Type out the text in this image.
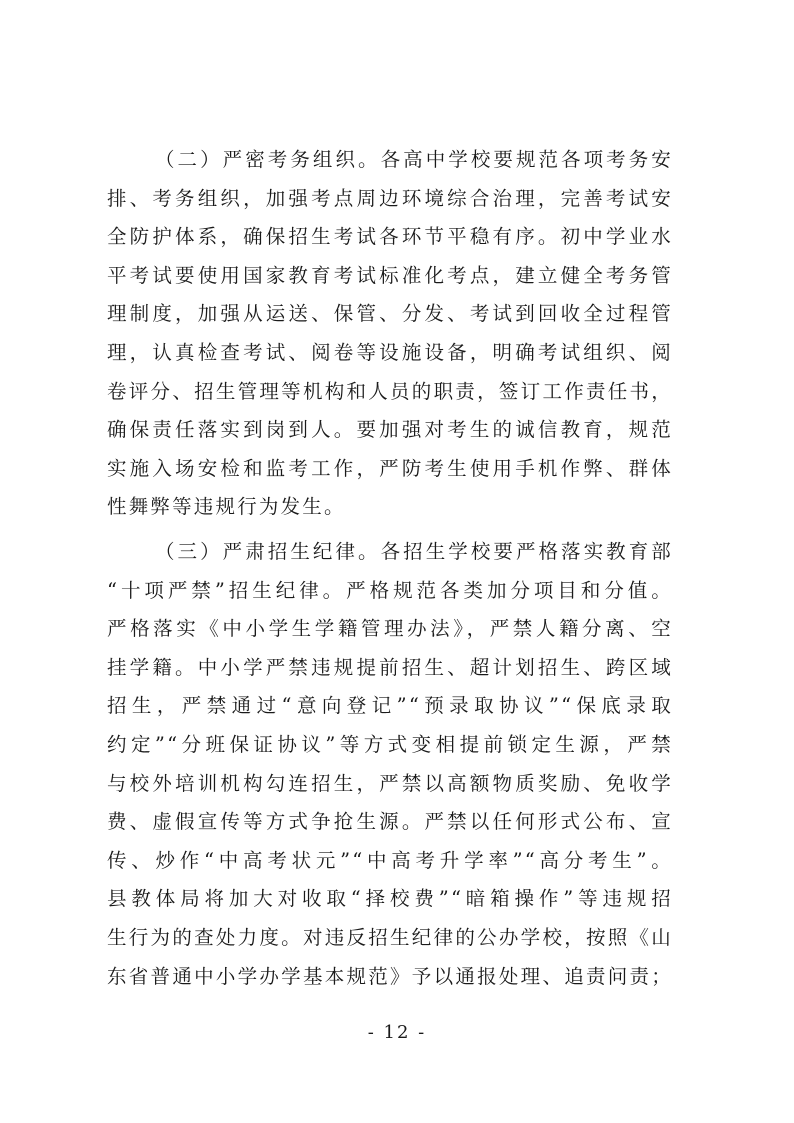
（二）严密考务组织。各高中学校要规范各项考务安
排、考务组织，加强考点周边环境综合治理，完善考试安
全防护体系，确保招生考试各环节平稳有序。初中学业水
平考试要使用国家教育考试标准化考点，建立健全考务管
理制度，加强从运送、保管、分发、考试到回收全过程管
理，认真检查考试、阅卷等设施设备，明确考试组织、阅
卷评分、招生管理等机构和人员的职责，签订工作责任书，
确保责任落实到岗到人。要加强对考生的诚信教育，规范
实施入场安检和监考工作，严防考生使用手机作弊、群体
性舞弊等违规行为发生。
（三）严肃招生纪律。各招生学校要严格落实教育部
“十项严禁”招生纪律。严格规范各类加分项目和分值。
严格落实《中小学生学籍管理办法》，严禁人籍分离、空
挂学籍。中小学严禁违规提前招生、超计划招生、跨区域
招生，严禁通过“意向登记”“预录取协议”“保底录取
约定”“分班保证协议”等方式变相提前锁定生源，严禁
与校外培训机构勾连招生，严禁以高额物质奖励、免收学
费、虚假宣传等方式争抢生源。严禁以任何形式公布、宣
传、炒作“中高考状元”“中高考升学率”“高分考生”。
县教体局将加大对收取“择校费”“暗箱操作”等违规招
生行为的查处力度。对违反招生纪律的公办学校，按照《山
东省普通中小学办学基本规范》予以通报处理、追责问责；
- 12 -
